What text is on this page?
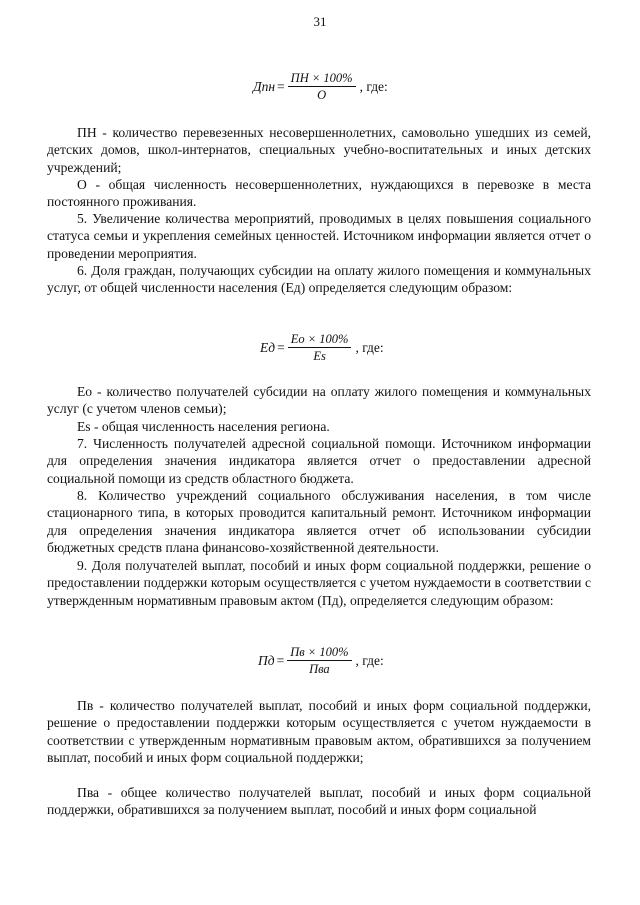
31
Дпн = $\frac{ПН \times 100\%}{О}$ , где:

ПН - количество перевезенных несовершеннолетних, самовольно ушедших из семей, детских домов, школ-интернатов, специальных учебно-воспитательных и иных детских учреждений;

О - общая численность несовершеннолетних, нуждающихся в перевозке в места постоянного проживания.

5. Увеличение количества мероприятий, проводимых в целях повышения социального статуса семьи и укрепления семейных ценностей. Источником информации является отчет о проведении мероприятия.

6. Доля граждан, получающих субсидии на оплату жилого помещения и коммунальных услуг, от общей численности населения (Ед) определяется следующим образом:

Ед = $\frac{Ео \times 100\%}{Es}$ , где:

Ео - количество получателей субсидии на оплату жилого помещения и коммунальных услуг (с учетом членов семьи);

Es - общая численность населения региона.

7. Численность получателей адресной социальной помощи. Источником информации для определения значения индикатора является отчет о предоставлении адресной социальной помощи из средств областного бюджета.

8. Количество учреждений социального обслуживания населения, в том числе стационарного типа, в которых проводится капитальный ремонт. Источником информации для определения значения индикатора является отчет об использовании субсидии бюджетных средств плана финансово-хозяйственной деятельности.

9. Доля получателей выплат, пособий и иных форм социальной поддержки, решение о предоставлении поддержки которым осуществляется с учетом нуждаемости в соответствии с утвержденным нормативным правовым актом (Пд), определяется следующим образом:

Пд = $\frac{Пв \times 100\%}{\text{Пва}}$ , где:

Пв - количество получателей выплат, пособий и иных форм социальной поддержки, решение о предоставлении поддержки которым осуществляется с учетом нуждаемости в соответствии с утвержденным нормативным правовым актом, обратившихся за получением выплат, пособий и иных форм социальной поддержки;

Пва - общее количество получателей выплат, пособий и иных форм социальной поддержки, обратившихся за получением выплат, пособий и иных форм социальной
